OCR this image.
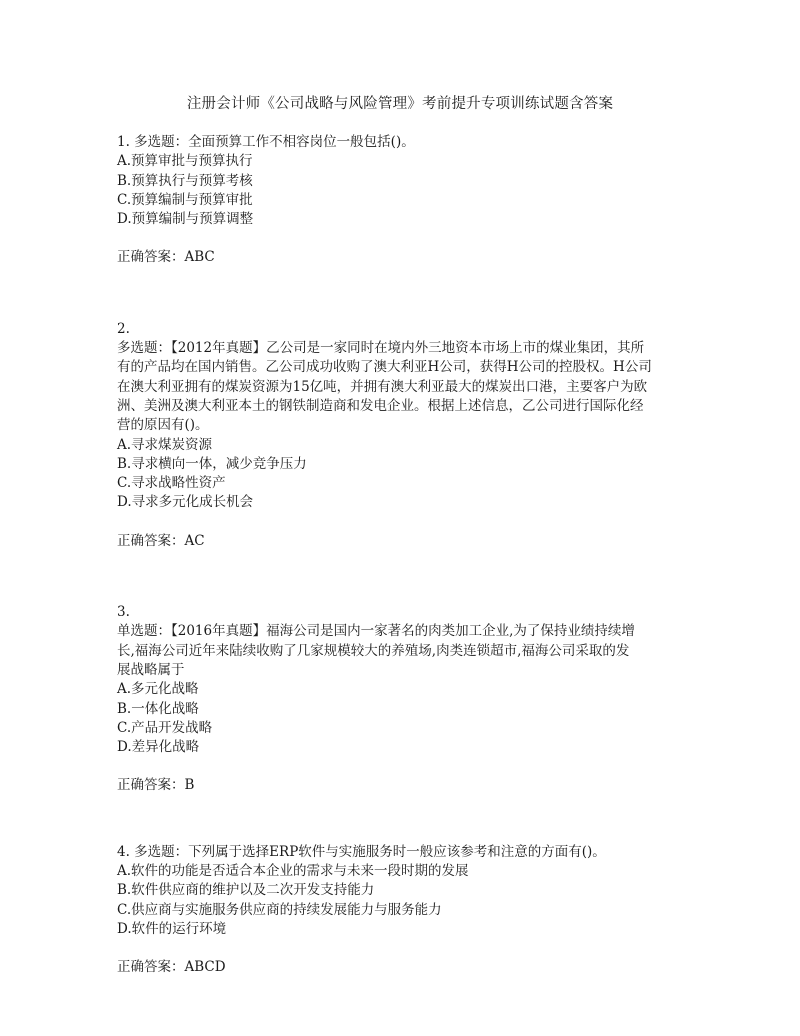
注册会计师《公司战略与风险管理》考前提升专项训练试题含答案

1. 多选题：全面预算工作不相容岗位一般包括()。

A.预算审批与预算执行

B.预算执行与预算考核

C.预算编制与预算审批

D.预算编制与预算调整

正确答案：ABC

2.

多选题：【2012年真题】乙公司是一家同时在境内外三地资本市场上市的煤业集团，其所

有的产品均在国内销售。乙公司成功收购了澳大利亚H公司，获得H公司的控股权。H公司

在澳大利亚拥有的煤炭资源为15亿吨，并拥有澳大利亚最大的煤炭出口港，主要客户为欧

洲、美洲及澳大利亚本土的钢铁制造商和发电企业。根据上述信息，乙公司进行国际化经

营的原因有()。

A.寻求煤炭资源

B.寻求横向一体，减少竞争压力

C.寻求战略性资产

D.寻求多元化成长机会

正确答案：AC

3.

单选题：【2016年真题】福海公司是国内一家著名的肉类加工企业,为了保持业绩持续增

长,福海公司近年来陆续收购了几家规模较大的养殖场,肉类连锁超市,福海公司采取的发

展战略属于

A.多元化战略

B.一体化战略

C.产品开发战略

D.差异化战略

正确答案：B

4. 多选题：下列属于选择ERP软件与实施服务时一般应该参考和注意的方面有()。

A.软件的功能是否适合本企业的需求与未来一段时期的发展

B.软件供应商的维护以及二次开发支持能力

C.供应商与实施服务供应商的持续发展能力与服务能力

D.软件的运行环境

正确答案：ABCD
